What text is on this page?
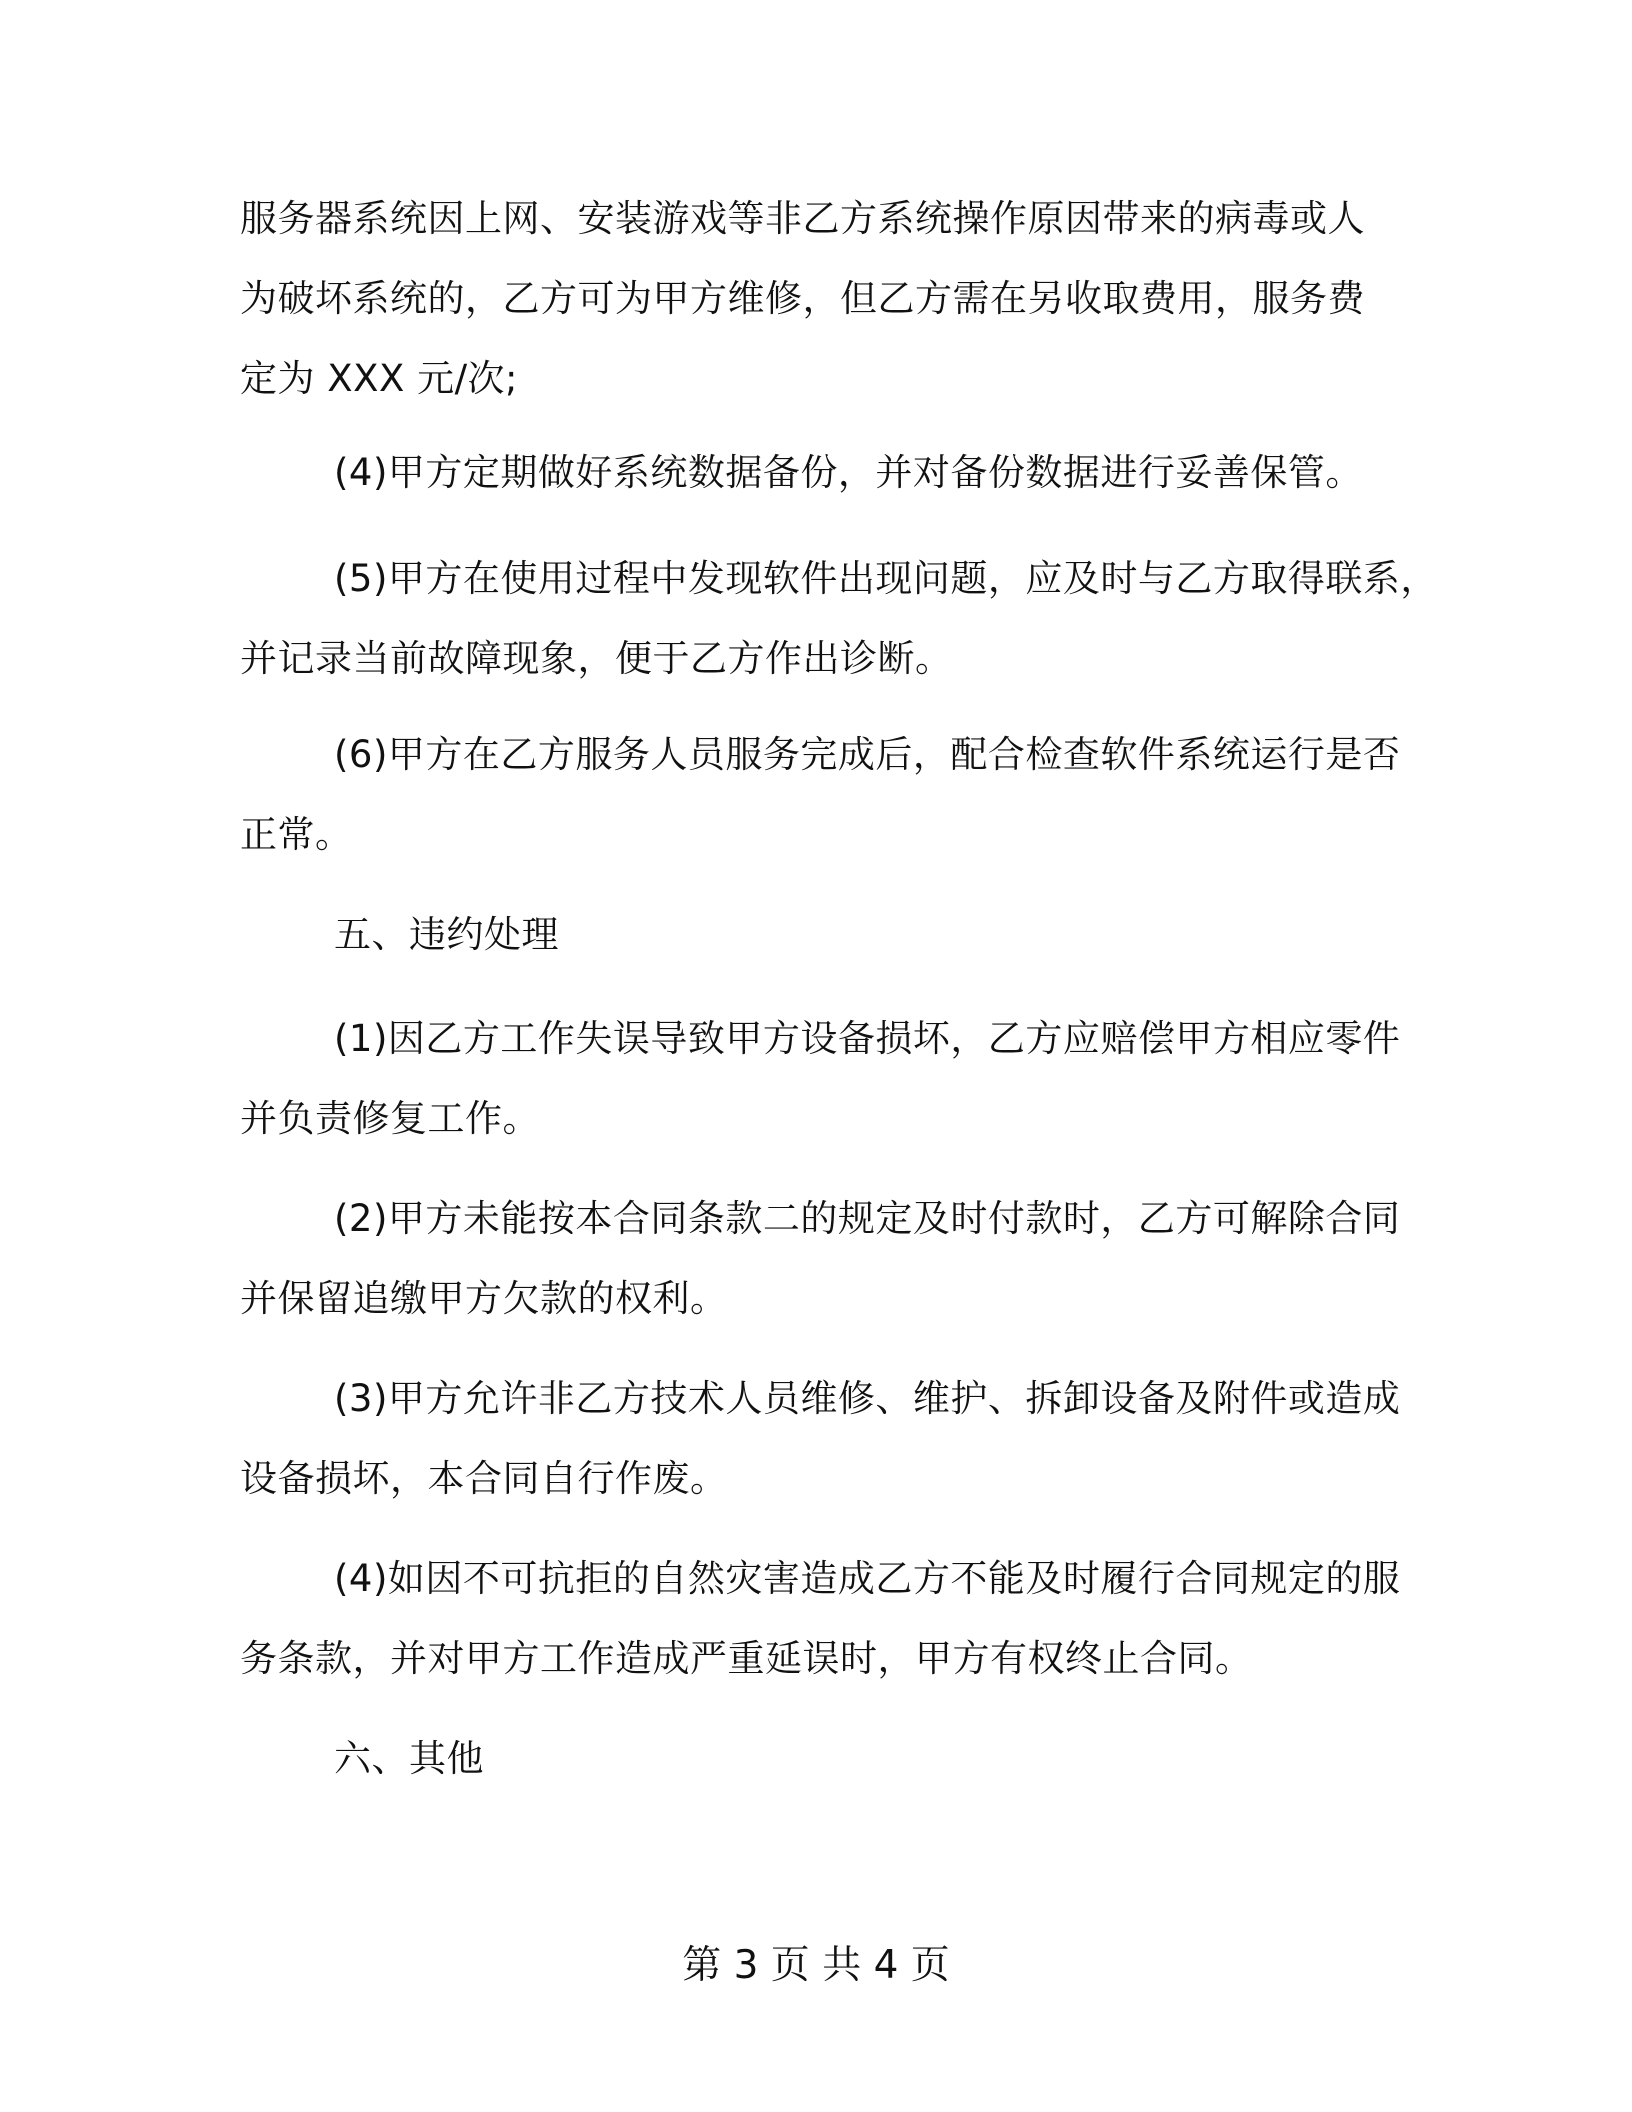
服务器系统因上网、安装游戏等非乙方系统操作原因带来的病毒或人
为破坏系统的，乙方可为甲方维修，但乙方需在另收取费用，服务费
定为 XXX 元/次;
(4)甲方定期做好系统数据备份，并对备份数据进行妥善保管。
(5)甲方在使用过程中发现软件出现问题，应及时与乙方取得联系，
并记录当前故障现象，便于乙方作出诊断。
(6)甲方在乙方服务人员服务完成后，配合检查软件系统运行是否
正常。
五、违约处理
(1)因乙方工作失误导致甲方设备损坏，乙方应赔偿甲方相应零件
并负责修复工作。
(2)甲方未能按本合同条款二的规定及时付款时，乙方可解除合同
并保留追缴甲方欠款的权利。
(3)甲方允许非乙方技术人员维修、维护、拆卸设备及附件或造成
设备损坏，本合同自行作废。
(4)如因不可抗拒的自然灾害造成乙方不能及时履行合同规定的服
务条款，并对甲方工作造成严重延误时，甲方有权终止合同。
六、其他
第 3 页 共 4 页
